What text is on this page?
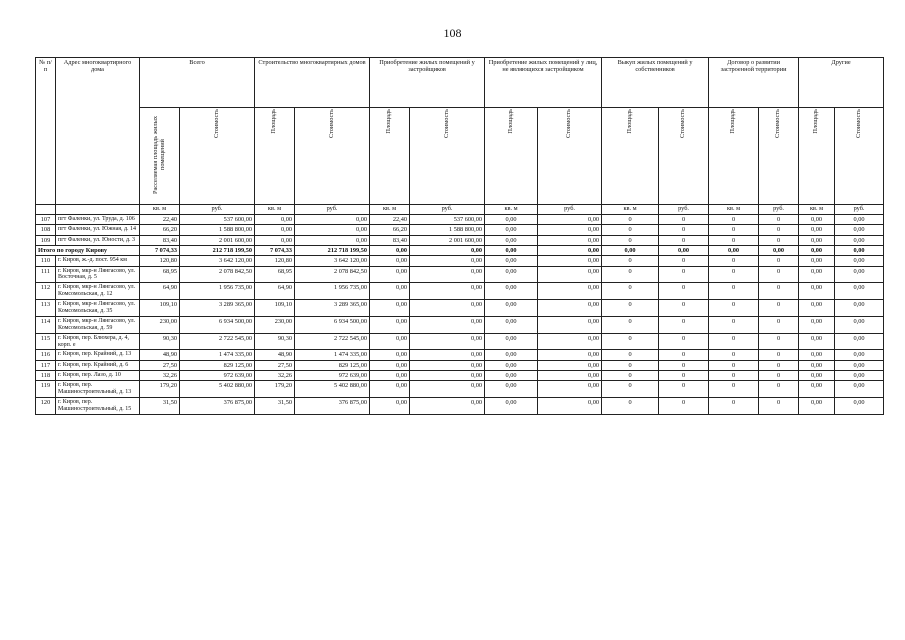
108
№ п/п	Адрес многоквартирного дома	Всего		Строительство многоквартирных домов		Приобретение жилых помещений у застройщиков		Приобретение жилых помещений у лиц, не являющихся застройщиком		Выкуп жилых помещений у собственников		Договор о развитии застроенной территории		Другие	
		Расселяемая площадь жилых помещений	Стоимость	Площадь	Стоимость	Площадь	Стоимость	Площадь	Стоимость	Площадь	Стоимость	Площадь	Стоимость	Площадь	Стоимость
		кв. м	руб.	кв. м	руб.	кв. м	руб.	кв. м	руб.	кв. м	руб.	кв. м	руб.	кв. м	руб.
107	пгт Фаленки, ул. Труда, д. 106	22,40	537 600,00	0,00	0,00	22,40	537 600,00	0,00	0,00	0	0	0	0	0,00	0,00
108	пгт Фаленки, ул. Южная, д. 14	66,20	1 588 800,00	0,00	0,00	66,20	1 588 800,00	0,00	0,00	0	0	0	0	0,00	0,00
109	пгт Фаленки, ул. Юности, д. 3	83,40	2 001 600,00	0,00	0,00	83,40	2 001 600,00	0,00	0,00	0	0	0	0	0,00	0,00
Итого по городу Кирову		7 074,33	212 718 199,50	7 074,33	212 718 199,50	0,00	0,00	0,00	0,00	0,00	0,00	0,00	0,00	0,00	0,00
110	г. Киров, ж.-д. пост. 954 км	120,80	3 642 120,00	120,80	3 642 120,00	0,00	0,00	0,00	0,00	0	0	0	0	0,00	0,00
111	г. Киров, мкр-н Лянгасово, ул. Восточная, д. 5	68,95	2 078 842,50	68,95	2 078 842,50	0,00	0,00	0,00	0,00	0	0	0	0	0,00	0,00
112	г. Киров, мкр-н Лянгасово, ул. Комсомольская, д. 12	64,90	1 956 735,00	64,90	1 956 735,00	0,00	0,00	0,00	0,00	0	0	0	0	0,00	0,00
113	г. Киров, мкр-н Лянгасово, ул. Комсомольская, д. 35	109,10	3 289 365,00	109,10	3 289 365,00	0,00	0,00	0,00	0,00	0	0	0	0	0,00	0,00
114	г. Киров, мкр-н Лянгасово, ул. Комсомольская, д. 59	230,00	6 934 500,00	230,00	6 934 500,00	0,00	0,00	0,00	0,00	0	0	0	0	0,00	0,00
115	г. Киров, пер. Блюхера, д. 4, корп. е	90,30	2 722 545,00	90,30	2 722 545,00	0,00	0,00	0,00	0,00	0	0	0	0	0,00	0,00
116	г. Киров, пер. Крайний, д. 13	48,90	1 474 335,00	48,90	1 474 335,00	0,00	0,00	0,00	0,00	0	0	0	0	0,00	0,00
117	г. Киров, пер. Крайний, д. 6	27,50	829 125,00	27,50	829 125,00	0,00	0,00	0,00	0,00	0	0	0	0	0,00	0,00
118	г. Киров, пер. Лазо, д. 10	32,26	972 639,00	32,26	972 639,00	0,00	0,00	0,00	0,00	0	0	0	0	0,00	0,00
119	г. Киров, пер. Машиностроительный, д. 13	179,20	5 402 880,00	179,20	5 402 880,00	0,00	0,00	0,00	0,00	0	0	0	0	0,00	0,00
120	г. Киров, пер. Машиностроительный, д. 15	31,50	376 875,00	31,50	376 875,00	0,00	0,00	0,00	0,00	0	0	0	0	0,00	0,00
